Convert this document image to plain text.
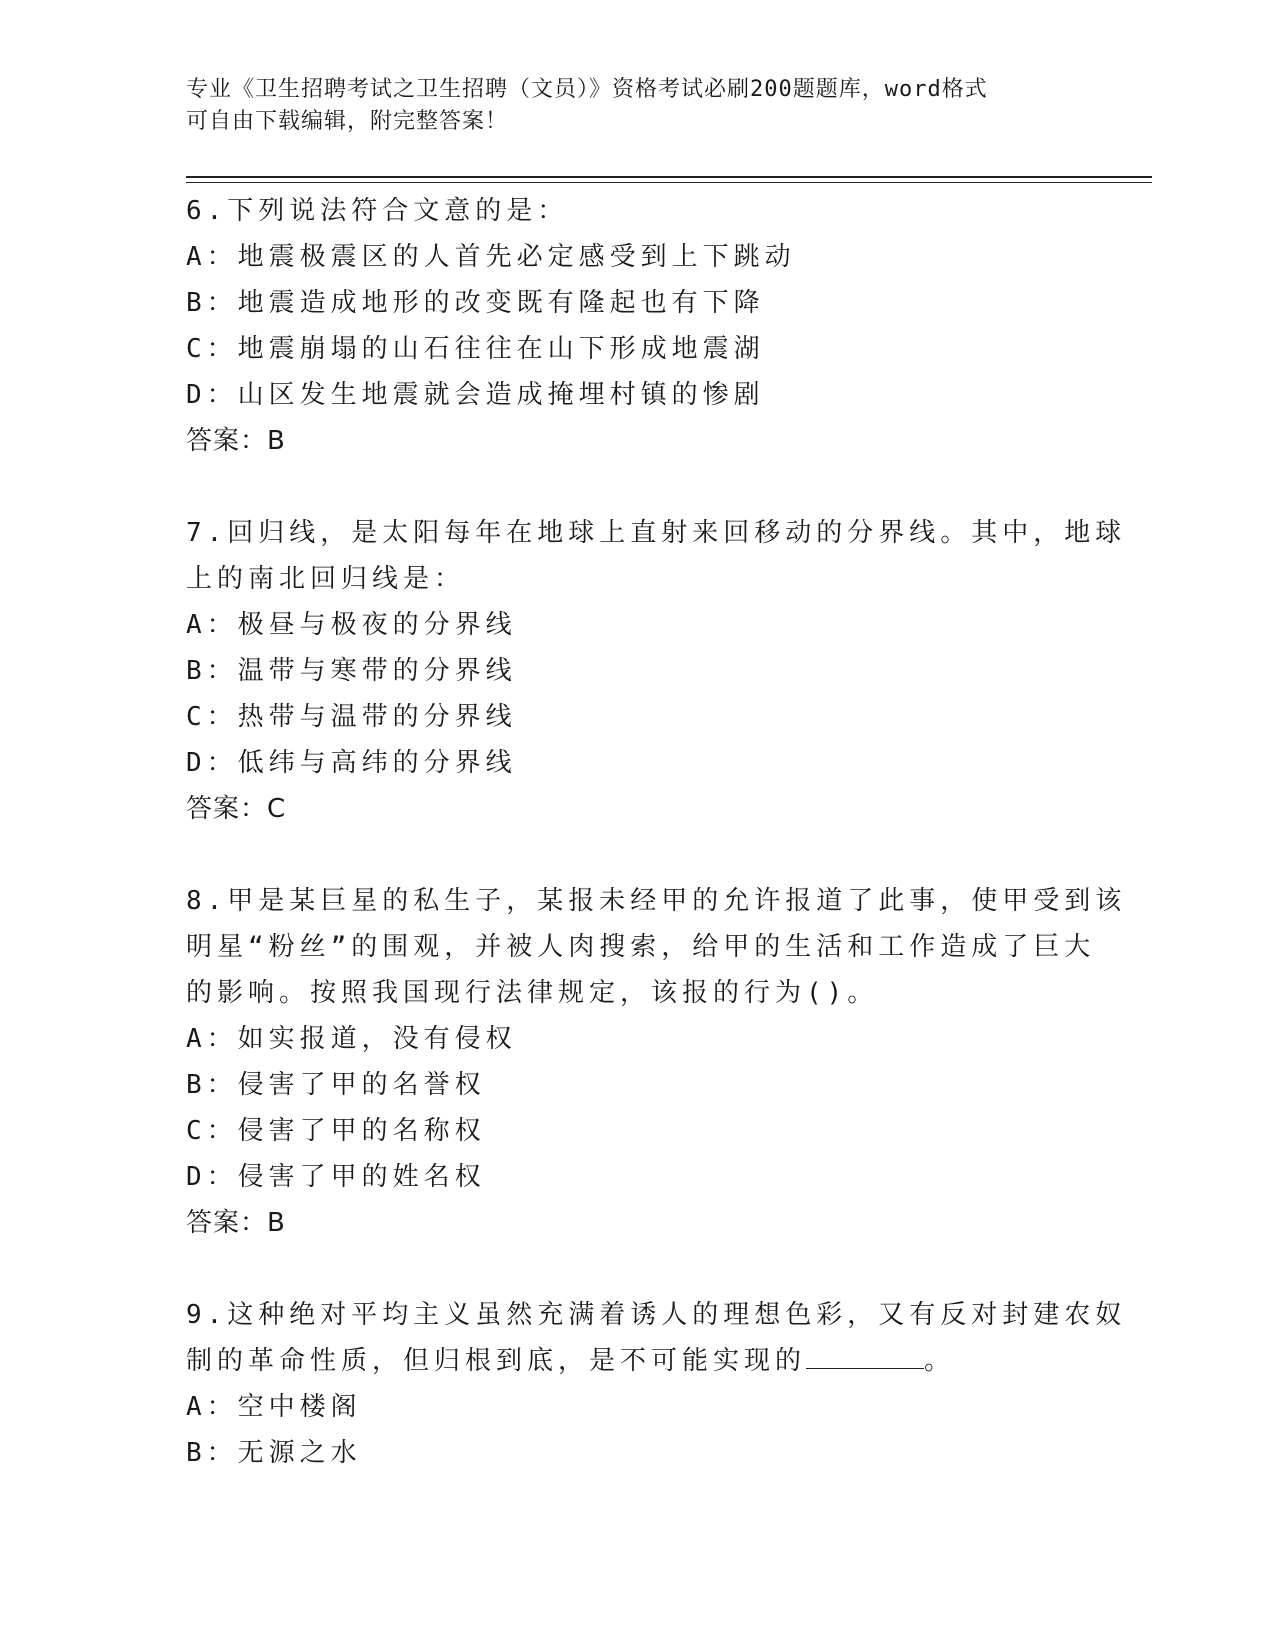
专业《卫生招聘考试之卫生招聘（文员）》资格考试必刷200题题库，word格式
可自由下载编辑，附完整答案！
6.下列说法符合文意的是：
A：地震极震区的人首先必定感受到上下跳动
B：地震造成地形的改变既有隆起也有下降
C：地震崩塌的山石往往在山下形成地震湖
D：山区发生地震就会造成掩埋村镇的惨剧
答案：B
7.回归线，是太阳每年在地球上直射来回移动的分界线。其中，地球
上的南北回归线是：
A：极昼与极夜的分界线
B：温带与寒带的分界线
C：热带与温带的分界线
D：低纬与高纬的分界线
答案：C
8.甲是某巨星的私生子，某报未经甲的允许报道了此事，使甲受到该
明星“粉丝”的围观，并被人肉搜索，给甲的生活和工作造成了巨大
的影响。按照我国现行法律规定，该报的行为()。
A：如实报道，没有侵权
B：侵害了甲的名誉权
C：侵害了甲的名称权
D：侵害了甲的姓名权
答案：B
9.这种绝对平均主义虽然充满着诱人的理想色彩，又有反对封建农奴
制的革命性质，但归根到底，是不可能实现的	。
A：空中楼阁
B：无源之水
